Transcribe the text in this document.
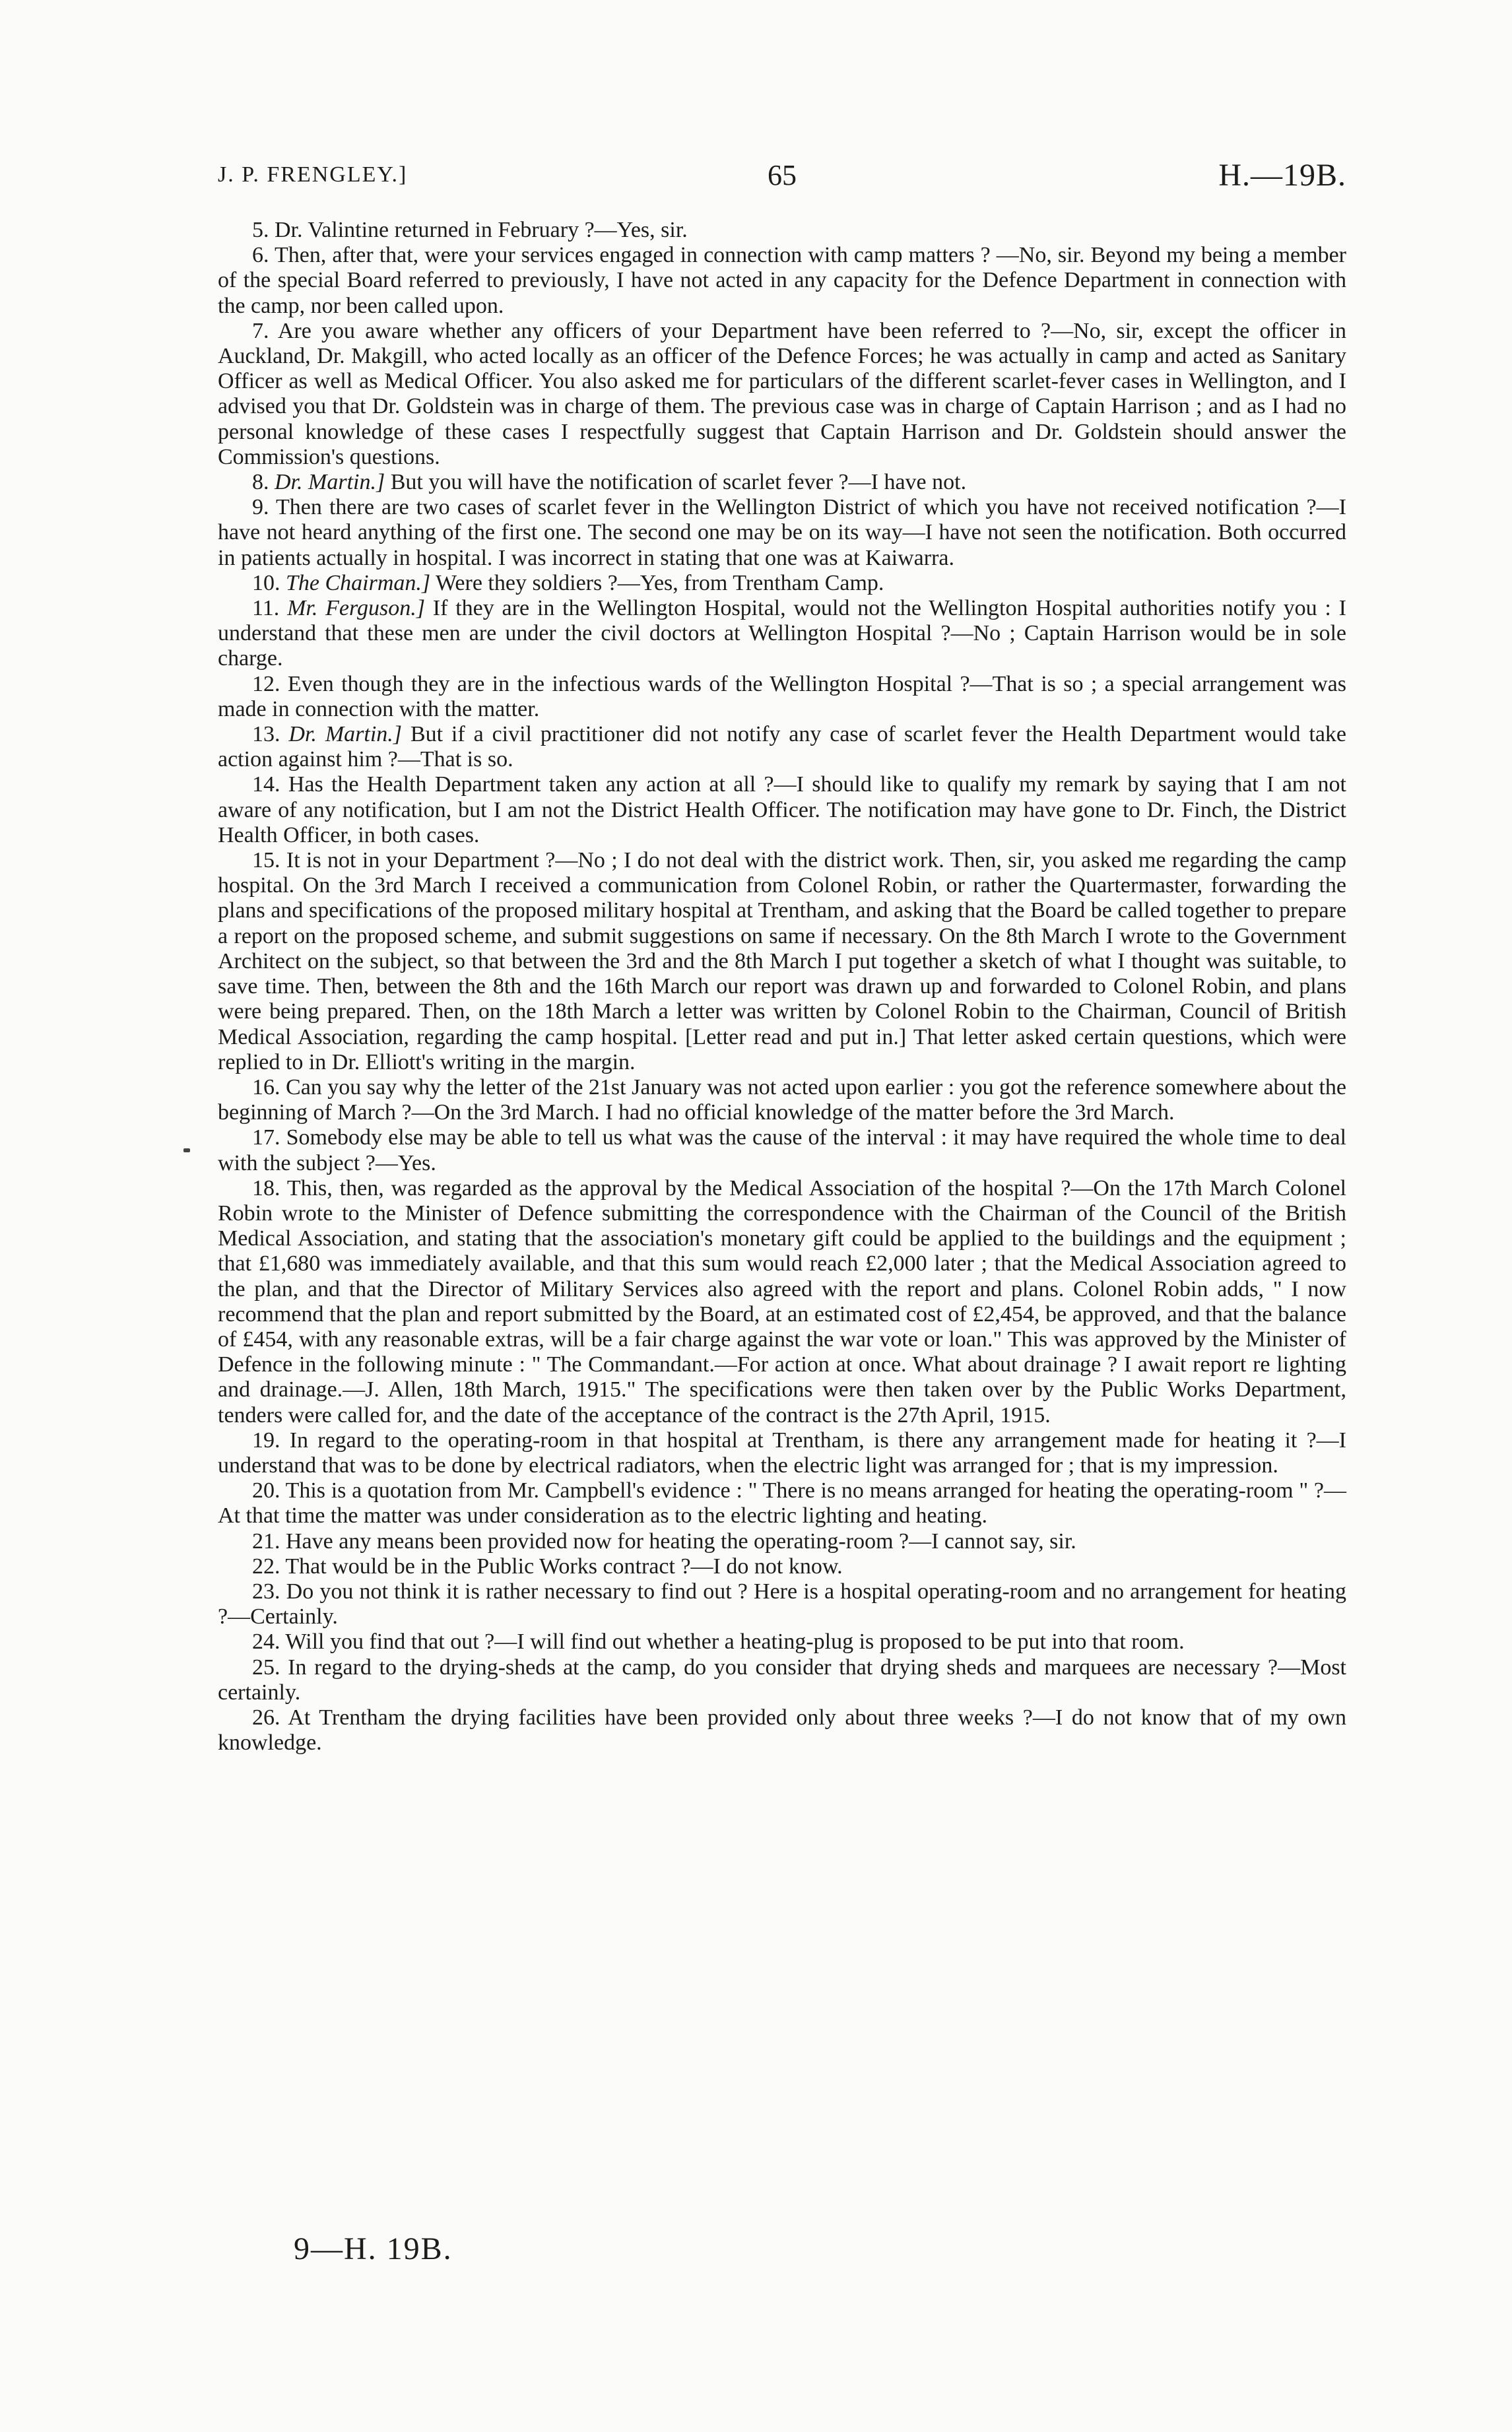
J. P. FRENGLEY.]	65	H.—19B.

5. Dr. Valintine returned in February ?—Yes, sir.

6. Then, after that, were your services engaged in connection with camp matters ? —No, sir. Beyond my being a member of the special Board referred to previously, I have not acted in any capacity for the Defence Department in connection with the camp, nor been called upon.

7. Are you aware whether any officers of your Department have been referred to ?—No, sir, except the officer in Auckland, Dr. Makgill, who acted locally as an officer of the Defence Forces; he was actually in camp and acted as Sanitary Officer as well as Medical Officer. You also asked me for particulars of the different scarlet-fever cases in Wellington, and I advised you that Dr. Goldstein was in charge of them. The previous case was in charge of Captain Harrison ; and as I had no personal knowledge of these cases I respectfully suggest that Captain Harrison and Dr. Goldstein should answer the Commission's questions.

8. Dr. Martin.] But you will have the notification of scarlet fever ?—I have not.

9. Then there are two cases of scarlet fever in the Wellington District of which you have not received notification ?—I have not heard anything of the first one. The second one may be on its way—I have not seen the notification. Both occurred in patients actually in hospital. I was incorrect in stating that one was at Kaiwarra.

10. The Chairman.] Were they soldiers ?—Yes, from Trentham Camp.

11. Mr. Ferguson.] If they are in the Wellington Hospital, would not the Wellington Hospital authorities notify you : I understand that these men are under the civil doctors at Wellington Hospital ?—No ; Captain Harrison would be in sole charge.

12. Even though they are in the infectious wards of the Wellington Hospital ?—That is so ; a special arrangement was made in connection with the matter.

13. Dr. Martin.] But if a civil practitioner did not notify any case of scarlet fever the Health Department would take action against him ?—That is so.

14. Has the Health Department taken any action at all ?—I should like to qualify my remark by saying that I am not aware of any notification, but I am not the District Health Officer. The notification may have gone to Dr. Finch, the District Health Officer, in both cases.

15. It is not in your Department ?—No ; I do not deal with the district work. Then, sir, you asked me regarding the camp hospital. On the 3rd March I received a communication from Colonel Robin, or rather the Quartermaster, forwarding the plans and specifications of the proposed military hospital at Trentham, and asking that the Board be called together to prepare a report on the proposed scheme, and submit suggestions on same if necessary. On the 8th March I wrote to the Government Architect on the subject, so that between the 3rd and the 8th March I put together a sketch of what I thought was suitable, to save time. Then, between the 8th and the 16th March our report was drawn up and forwarded to Colonel Robin, and plans were being prepared. Then, on the 18th March a letter was written by Colonel Robin to the Chairman, Council of British Medical Association, regarding the camp hospital. [Letter read and put in.] That letter asked certain questions, which were replied to in Dr. Elliott's writing in the margin.

16. Can you say why the letter of the 21st January was not acted upon earlier : you got the reference somewhere about the beginning of March ?—On the 3rd March. I had no official knowledge of the matter before the 3rd March.

17. Somebody else may be able to tell us what was the cause of the interval : it may have required the whole time to deal with the subject ?—Yes.

18. This, then, was regarded as the approval by the Medical Association of the hospital ?—On the 17th March Colonel Robin wrote to the Minister of Defence submitting the correspondence with the Chairman of the Council of the British Medical Association, and stating that the association's monetary gift could be applied to the buildings and the equipment ; that £1,680 was immediately available, and that this sum would reach £2,000 later ; that the Medical Association agreed to the plan, and that the Director of Military Services also agreed with the report and plans. Colonel Robin adds, " I now recommend that the plan and report submitted by the Board, at an estimated cost of £2,454, be approved, and that the balance of £454, with any reasonable extras, will be a fair charge against the war vote or loan." This was approved by the Minister of Defence in the following minute : " The Commandant.—For action at once. What about drainage ? I await report re lighting and drainage.—J. Allen, 18th March, 1915." The specifications were then taken over by the Public Works Department, tenders were called for, and the date of the acceptance of the contract is the 27th April, 1915.

19. In regard to the operating-room in that hospital at Trentham, is there any arrangement made for heating it ?—I understand that was to be done by electrical radiators, when the electric light was arranged for ; that is my impression.

20. This is a quotation from Mr. Campbell's evidence : " There is no means arranged for heating the operating-room " ?—At that time the matter was under consideration as to the electric lighting and heating.

21. Have any means been provided now for heating the operating-room ?—I cannot say, sir.

22. That would be in the Public Works contract ?—I do not know.

23. Do you not think it is rather necessary to find out ? Here is a hospital operating-room and no arrangement for heating ?—Certainly.

24. Will you find that out ?—I will find out whether a heating-plug is proposed to be put into that room.

25. In regard to the drying-sheds at the camp, do you consider that drying sheds and marquees are necessary ?—Most certainly.

26. At Trentham the drying facilities have been provided only about three weeks ?—I do not know that of my own knowledge.

9—H. 19B.
